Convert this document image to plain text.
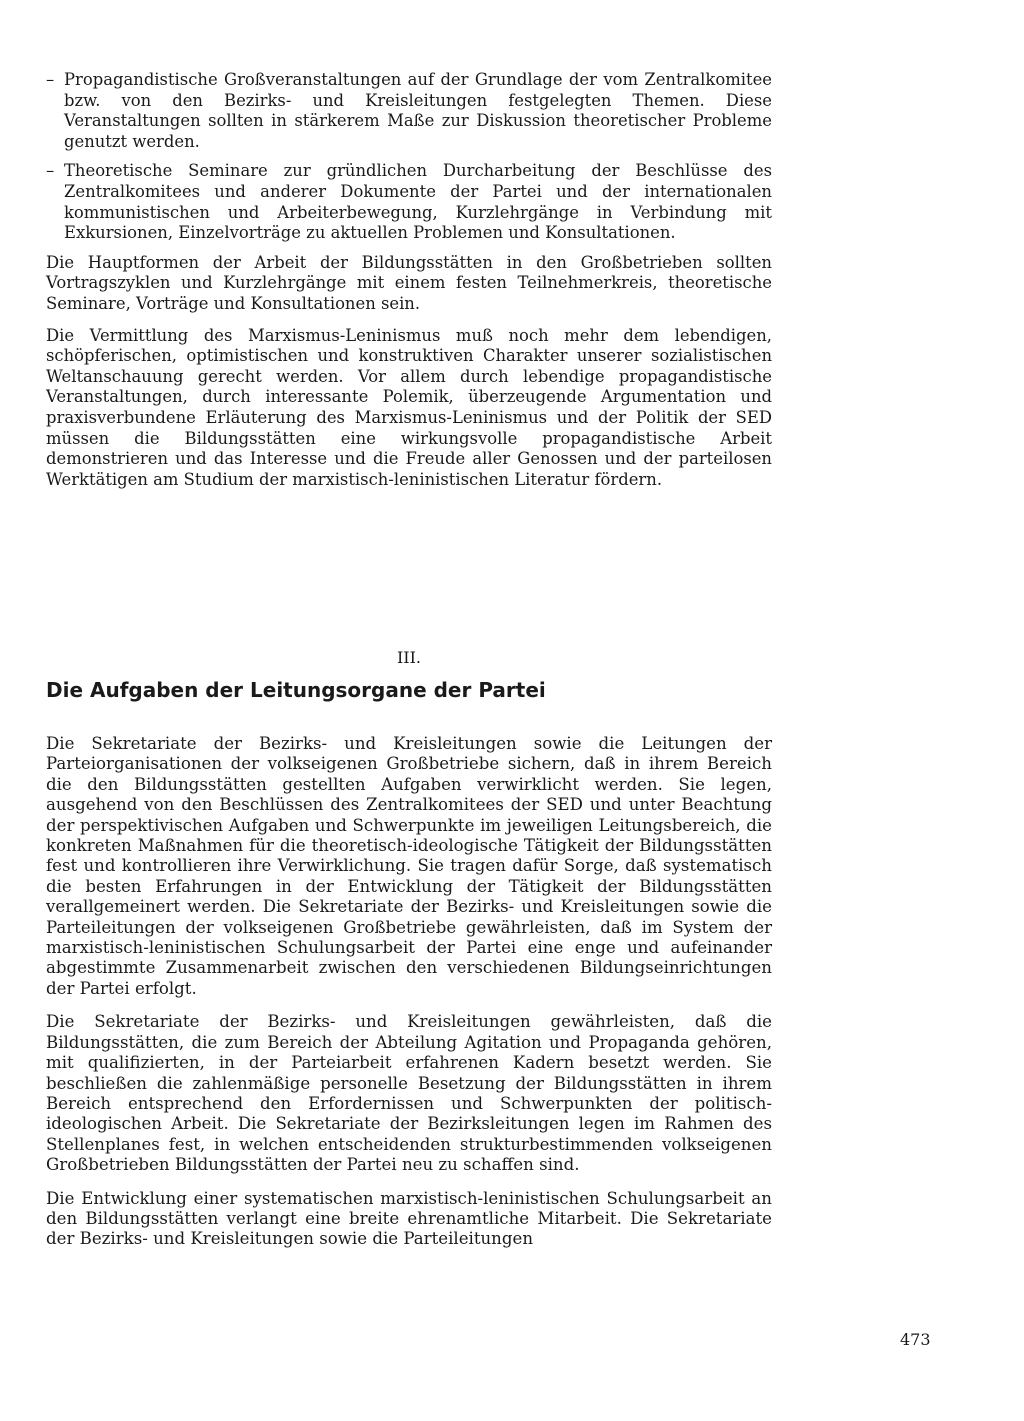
– Propagandistische Großveranstaltungen auf der Grundlage der vom Zentralkomitee bzw. von den Bezirks- und Kreisleitungen festgelegten Themen. Diese Veranstaltungen sollten in stärkerem Maße zur Diskussion theoretischer Probleme genutzt werden.
– Theoretische Seminare zur gründlichen Durcharbeitung der Beschlüsse des Zentralkomitees und anderer Dokumente der Partei und der internationalen kommunistischen und Arbeiterbewegung, Kurzlehrgänge in Verbindung mit Exkursionen, Einzelvorträge zu aktuellen Problemen und Konsultationen.

Die Hauptformen der Arbeit der Bildungsstätten in den Großbetrieben sollten Vortragszyklen und Kurzlehrgänge mit einem festen Teilnehmerkreis, theoretische Seminare, Vorträge und Konsultationen sein.

Die Vermittlung des Marxismus-Leninismus muß noch mehr dem lebendigen, schöpferischen, optimistischen und konstruktiven Charakter unserer sozialistischen Weltanschauung gerecht werden. Vor allem durch lebendige propagandistische Veranstaltungen, durch interessante Polemik, überzeugende Argumentation und praxisverbundene Erläuterung des Marxismus-Leninismus und der Politik der SED müssen die Bildungsstätten eine wirkungsvolle propagandistische Arbeit demonstrieren und das Interesse und die Freude aller Genossen und der parteilosen Werktätigen am Studium der marxistisch-leninistischen Literatur fördern.

III.
Die Aufgaben der Leitungsorgane der Partei

Die Sekretariate der Bezirks- und Kreisleitungen sowie die Leitungen der Parteiorganisationen der volkseigenen Großbetriebe sichern, daß in ihrem Bereich die den Bildungsstätten gestellten Aufgaben verwirklicht werden. Sie legen, ausgehend von den Beschlüssen des Zentralkomitees der SED und unter Beachtung der perspektivischen Aufgaben und Schwerpunkte im jeweiligen Leitungsbereich, die konkreten Maßnahmen für die theoretisch-ideologische Tätigkeit der Bildungsstätten fest und kontrollieren ihre Verwirklichung. Sie tragen dafür Sorge, daß systematisch die besten Erfahrungen in der Entwicklung der Tätigkeit der Bildungsstätten verallgemeinert werden. Die Sekretariate der Bezirks- und Kreisleitungen sowie die Parteileitungen der volkseigenen Großbetriebe gewährleisten, daß im System der marxistisch-leninistischen Schulungsarbeit der Partei eine enge und aufeinander abgestimmte Zusammenarbeit zwischen den verschiedenen Bildungseinrichtungen der Partei erfolgt.

Die Sekretariate der Bezirks- und Kreisleitungen gewährleisten, daß die Bildungsstätten, die zum Bereich der Abteilung Agitation und Propaganda gehören, mit qualifizierten, in der Parteiarbeit erfahrenen Kadern besetzt werden. Sie beschließen die zahlenmäßige personelle Besetzung der Bildungsstätten in ihrem Bereich entsprechend den Erfordernissen und Schwerpunkten der politisch-ideologischen Arbeit. Die Sekretariate der Bezirksleitungen legen im Rahmen des Stellenplanes fest, in welchen entscheidenden strukturbestimmenden volkseigenen Großbetrieben Bildungsstätten der Partei neu zu schaffen sind.

Die Entwicklung einer systematischen marxistisch-leninistischen Schulungsarbeit an den Bildungsstätten verlangt eine breite ehrenamtliche Mitarbeit. Die Sekretariate der Bezirks- und Kreisleitungen sowie die Parteileitungen

473
